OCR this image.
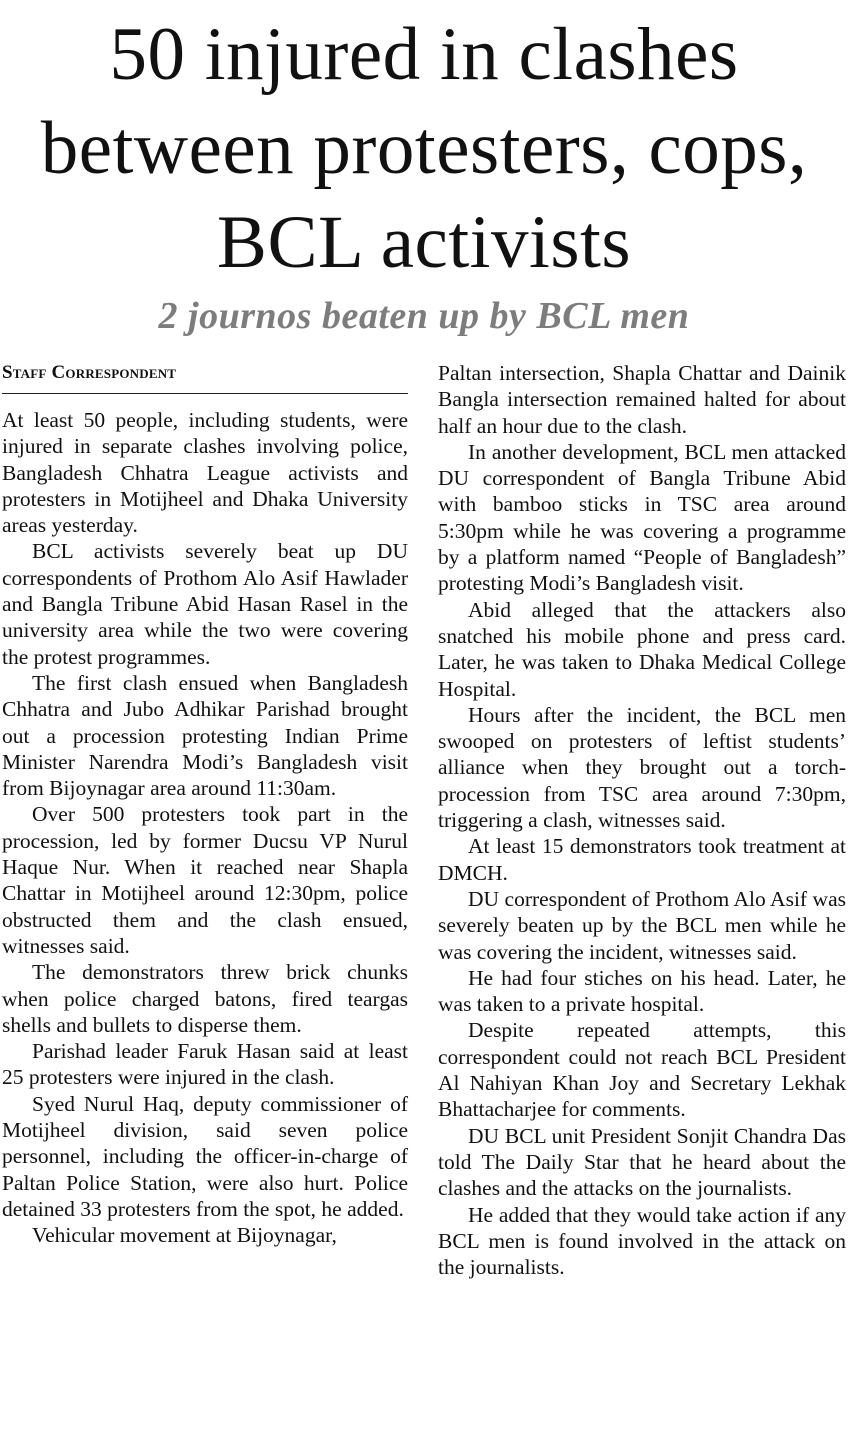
50 injured in clashes between protesters, cops, BCL activists
2 journos beaten up by BCL men
Staff Correspondent

At least 50 people, including students, were injured in separate clashes involving police, Bangladesh Chhatra League activists and protesters in Motijheel and Dhaka University areas yesterday.

BCL activists severely beat up DU correspondents of Prothom Alo Asif Hawlader and Bangla Tribune Abid Hasan Rasel in the university area while the two were covering the protest programmes.

The first clash ensued when Bangladesh Chhatra and Jubo Adhikar Parishad brought out a procession protesting Indian Prime Minister Narendra Modi’s Bangladesh visit from Bijoynagar area around 11:30am.

Over 500 protesters took part in the procession, led by former Ducsu VP Nurul Haque Nur. When it reached near Shapla Chattar in Motijheel around 12:30pm, police obstructed them and the clash ensued, witnesses said.

The demonstrators threw brick chunks when police charged batons, fired teargas shells and bullets to disperse them.

Parishad leader Faruk Hasan said at least 25 protesters were injured in the clash.

Syed Nurul Haq, deputy commissioner of Motijheel division, said seven police personnel, including the officer-in-charge of Paltan Police Station, were also hurt. Police detained 33 protesters from the spot, he added.

Vehicular movement at Bijoynagar,

Paltan intersection, Shapla Chattar and Dainik Bangla intersection remained halted for about half an hour due to the clash.

In another development, BCL men attacked DU correspondent of Bangla Tribune Abid with bamboo sticks in TSC area around 5:30pm while he was covering a programme by a platform named “People of Bangladesh” protesting Modi’s Bangladesh visit.

Abid alleged that the attackers also snatched his mobile phone and press card. Later, he was taken to Dhaka Medical College Hospital.

Hours after the incident, the BCL men swooped on protesters of leftist students’ alliance when they brought out a torch-procession from TSC area around 7:30pm, triggering a clash, witnesses said.

At least 15 demonstrators took treatment at DMCH.

DU correspondent of Prothom Alo Asif was severely beaten up by the BCL men while he was covering the incident, witnesses said.

He had four stiches on his head. Later, he was taken to a private hospital.

Despite repeated attempts, this correspondent could not reach BCL President Al Nahiyan Khan Joy and Secretary Lekhak Bhattacharjee for comments.

DU BCL unit President Sonjit Chandra Das told The Daily Star that he heard about the clashes and the attacks on the journalists.

He added that they would take action if any BCL men is found involved in the attack on the journalists.
